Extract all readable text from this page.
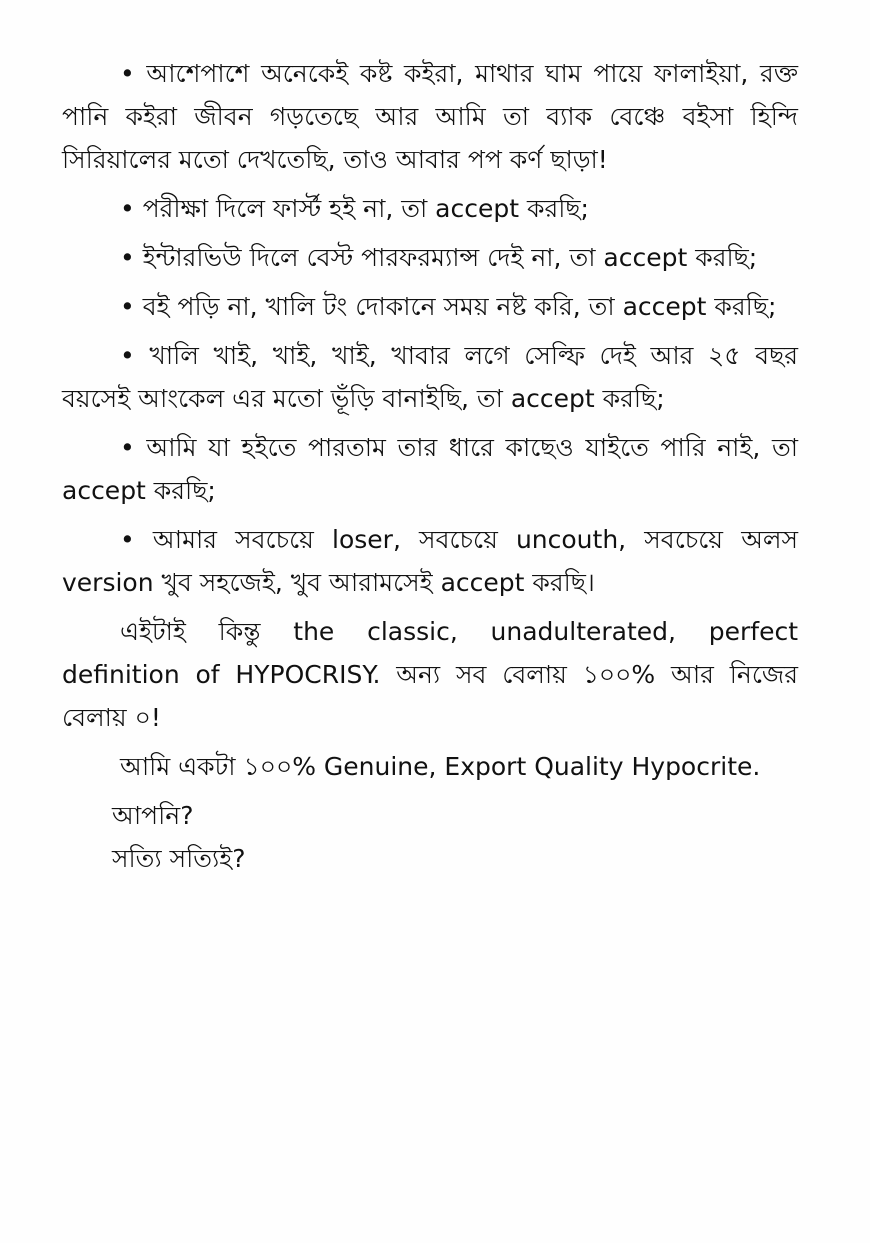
• আশেপাশে অনেকেই কষ্ট কইরা, মাথার ঘাম পায়ে ফালাইয়া, রক্ত পানি কইরা জীবন গড়তেছে আর আমি তা ব্যাক বেঞ্চে বইসা হিন্দি সিরিয়ালের মতো দেখতেছি, তাও আবার পপ কর্ণ ছাড়া!

• পরীক্ষা দিলে ফার্স্ট হই না, তা accept করছি;

• ইন্টারভিউ দিলে বেস্ট পারফরম্যান্স দেই না, তা accept করছি;

• বই পড়ি না, খালি টং দোকানে সময় নষ্ট করি, তা accept করছি;

• খালি খাই, খাই, খাই, খাবার লগে সেল্ফি দেই আর ২৫ বছর বয়সেই আংকেল এর মতো ভূঁড়ি বানাইছি, তা accept করছি;

• আমি যা হইতে পারতাম তার ধারে কাছেও যাইতে পারি নাই, তা accept করছি;

• আমার সবচেয়ে loser, সবচেয়ে uncouth, সবচেয়ে অলস version খুব সহজেই, খুব আরামসেই accept করছি।

এইটাই কিন্তু the classic, unadulterated, perfect definition of HYPOCRISY. অন্য সব বেলায় ১০০% আর নিজের বেলায় ০!

আমি একটা ১০০% Genuine, Export Quality Hypocrite.

আপনি?

সত্যি সত্যিই?
